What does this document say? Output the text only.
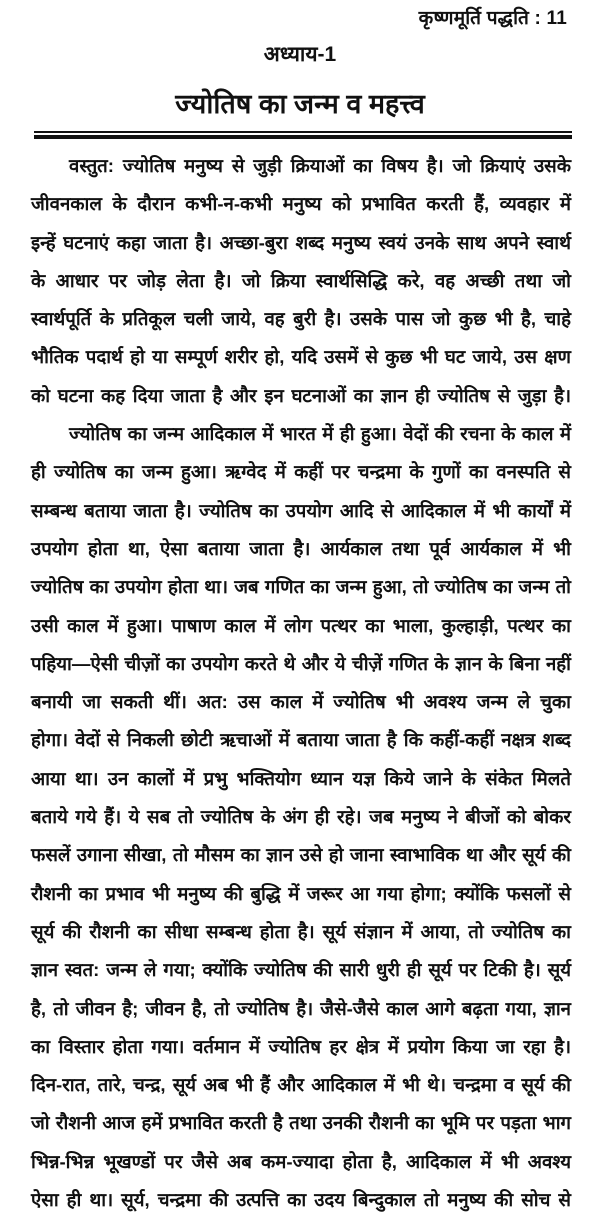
कृष्णमूर्ति पद्धति : 11
अध्याय-1
ज्योतिष का जन्म व महत्त्व
वस्तुत: ज्योतिष मनुष्य से जुड़ी क्रियाओं का विषय है। जो क्रियाएं उसके
जीवनकाल के दौरान कभी-न-कभी मनुष्य को प्रभावित करती हैं, व्यवहार में
इन्हें घटनाएं कहा जाता है। अच्छा-बुरा शब्द मनुष्य स्वयं उनके साथ अपने स्वार्थ
के आधार पर जोड़ लेता है। जो क्रिया स्वार्थसिद्धि करे, वह अच्छी तथा जो
स्वार्थपूर्ति के प्रतिकूल चली जाये, वह बुरी है। उसके पास जो कुछ भी है, चाहे
भौतिक पदार्थ हो या सम्पूर्ण शरीर हो, यदि उसमें से कुछ भी घट जाये, उस क्षण
को घटना कह दिया जाता है और इन घटनाओं का ज्ञान ही ज्योतिष से जुड़ा है।
ज्योतिष का जन्म आदिकाल में भारत में ही हुआ। वेदों की रचना के काल में
ही ज्योतिष का जन्म हुआ। ऋग्वेद में कहीं पर चन्द्रमा के गुणों का वनस्पति से
सम्बन्ध बताया जाता है। ज्योतिष का उपयोग आदि से आदिकाल में भी कार्यों में
उपयोग होता था, ऐसा बताया जाता है। आर्यकाल तथा पूर्व आर्यकाल में भी
ज्योतिष का उपयोग होता था। जब गणित का जन्म हुआ, तो ज्योतिष का जन्म तो
उसी काल में हुआ। पाषाण काल में लोग पत्थर का भाला, कुल्हाड़ी, पत्थर का
पहिया—ऐसी चीज़ों का उपयोग करते थे और ये चीज़ें गणित के ज्ञान के बिना नहीं
बनायी जा सकती थीं। अत: उस काल में ज्योतिष भी अवश्य जन्म ले चुका
होगा। वेदों से निकली छोटी ऋचाओं में बताया जाता है कि कहीं-कहीं नक्षत्र शब्द
आया था। उन कालों में प्रभु भक्तियोग ध्यान यज्ञ किये जाने के संकेत मिलते
बताये गये हैं। ये सब तो ज्योतिष के अंग ही रहे। जब मनुष्य ने बीजों को बोकर
फसलें उगाना सीखा, तो मौसम का ज्ञान उसे हो जाना स्वाभाविक था और सूर्य की
रौशनी का प्रभाव भी मनुष्य की बुद्धि में जरूर आ गया होगा; क्योंकि फसलों से
सूर्य की रौशनी का सीधा सम्बन्ध होता है। सूर्य संज्ञान में आया, तो ज्योतिष का
ज्ञान स्वत: जन्म ले गया; क्योंकि ज्योतिष की सारी धुरी ही सूर्य पर टिकी है। सूर्य
है, तो जीवन है; जीवन है, तो ज्योतिष है। जैसे-जैसे काल आगे बढ़ता गया, ज्ञान
का विस्तार होता गया। वर्तमान में ज्योतिष हर क्षेत्र में प्रयोग किया जा रहा है।
दिन-रात, तारे, चन्द्र, सूर्य अब भी हैं और आदिकाल में भी थे। चन्द्रमा व सूर्य की
जो रौशनी आज हमें प्रभावित करती है तथा उनकी रौशनी का भूमि पर पड़ता भाग
भिन्न-भिन्न भूखण्डों पर जैसे अब कम-ज्यादा होता है, आदिकाल में भी अवश्य
ऐसा ही था। सूर्य, चन्द्रमा की उत्पत्ति का उदय बिन्दुकाल तो मनुष्य की सोच से
